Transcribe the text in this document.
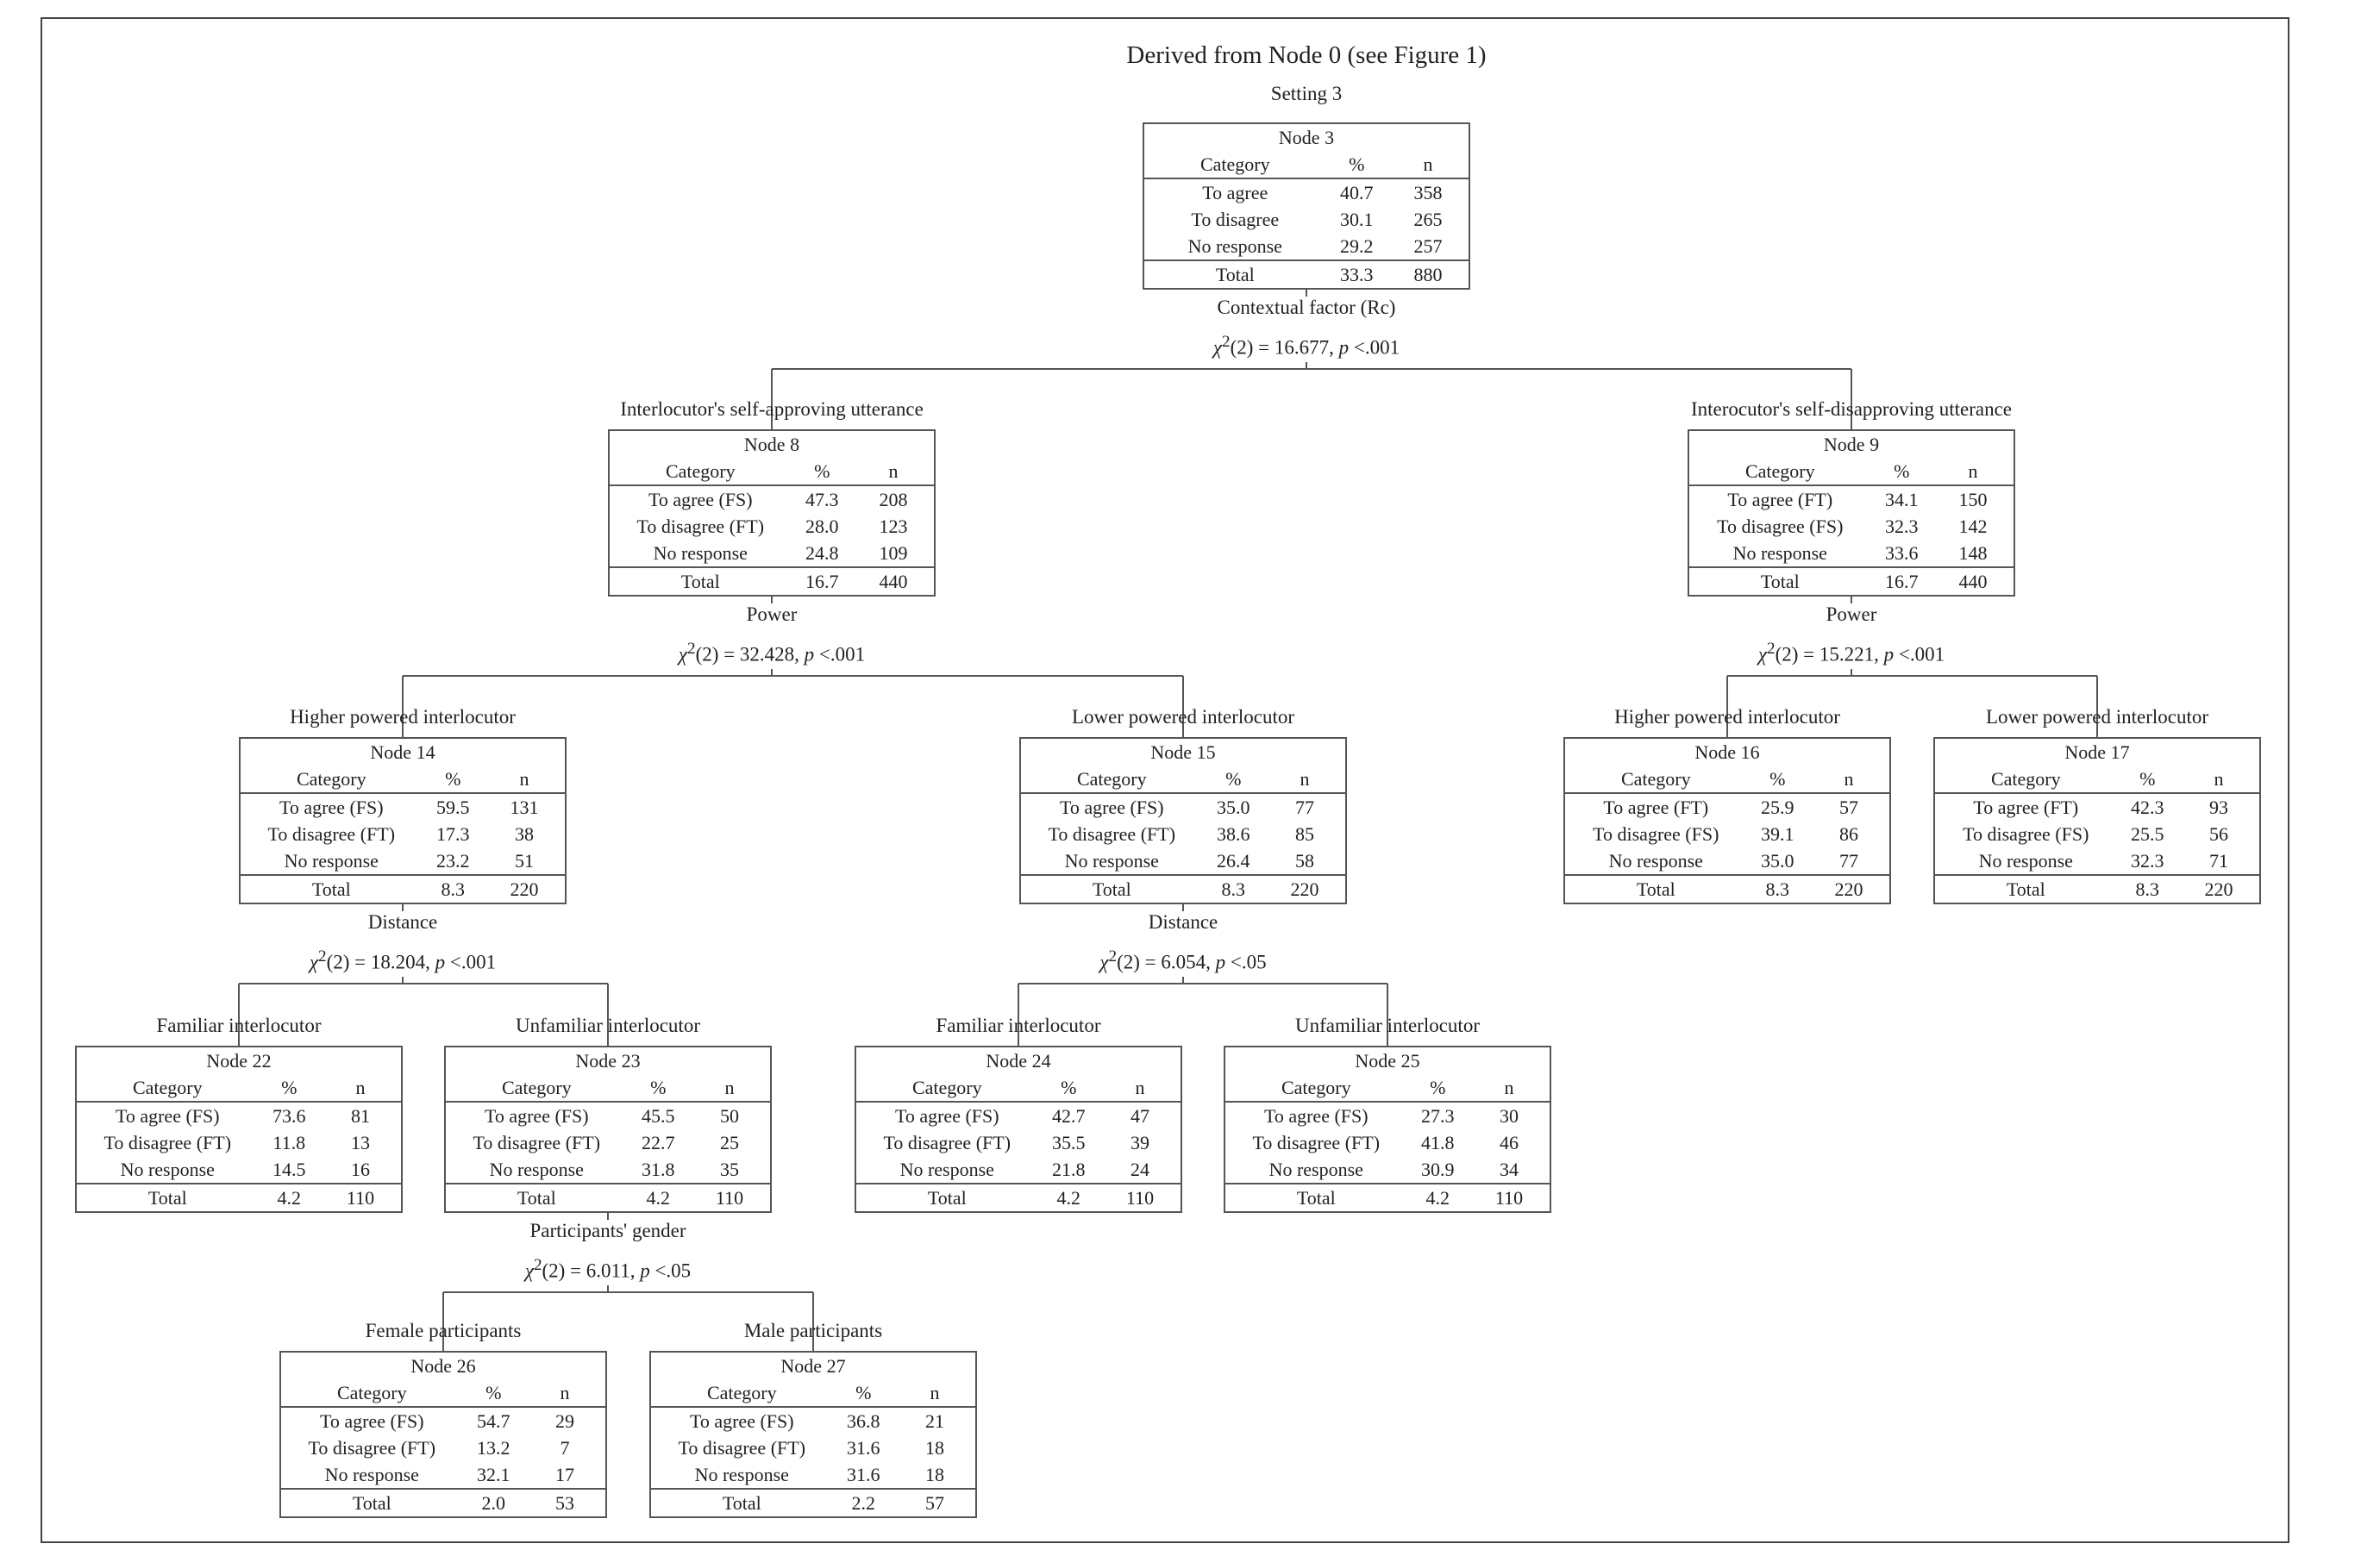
Derived from Node 0 (see Figure 1)
Setting 3
Node 3
Category	%	n
To agree	40.7	358
To disagree	30.1	265
No response	29.2	257
Total	33.3	880
Interlocutor's self-approving utterance
Node 8
Category	%	n
To agree (FS)	47.3	208
To disagree (FT)	28.0	123
No response	24.8	109
Total	16.7	440
Interocutor's self-disapproving utterance
Node 9
Category	%	n
To agree (FT)	34.1	150
To disagree (FS)	32.3	142
No response	33.6	148
Total	16.7	440
Higher powered interlocutor
Node 14
Category	%	n
To agree (FS)	59.5	131
To disagree (FT)	17.3	38
No response	23.2	51
Total	8.3	220
Lower powered interlocutor
Node 15
Category	%	n
To agree (FS)	35.0	77
To disagree (FT)	38.6	85
No response	26.4	58
Total	8.3	220
Higher powered interlocutor
Node 16
Category	%	n
To agree (FT)	25.9	57
To disagree (FS)	39.1	86
No response	35.0	77
Total	8.3	220
Lower powered interlocutor
Node 17
Category	%	n
To agree (FT)	42.3	93
To disagree (FS)	25.5	56
No response	32.3	71
Total	8.3	220
Familiar interlocutor
Node 22
Category	%	n
To agree (FS)	73.6	81
To disagree (FT)	11.8	13
No response	14.5	16
Total	4.2	110
Unfamiliar interlocutor
Node 23
Category	%	n
To agree (FS)	45.5	50
To disagree (FT)	22.7	25
No response	31.8	35
Total	4.2	110
Familiar interlocutor
Node 24
Category	%	n
To agree (FS)	42.7	47
To disagree (FT)	35.5	39
No response	21.8	24
Total	4.2	110
Unfamiliar interlocutor
Node 25
Category	%	n
To agree (FS)	27.3	30
To disagree (FT)	41.8	46
No response	30.9	34
Total	4.2	110
Female participants
Node 26
Category	%	n
To agree (FS)	54.7	29
To disagree (FT)	13.2	7
No response	32.1	17
Total	2.0	53
Male participants
Node 27
Category	%	n
To agree (FS)	36.8	21
To disagree (FT)	31.6	18
No response	31.6	18
Total	2.2	57
Contextual factor (Rc)
$\chi^2(2) = 16.677$, p <.001
Power
$\chi^2(2) = 32.428$, p <.001
Power
$\chi^2(2) = 15.221$, p <.001
Distance
$\chi^2(2) = 18.204$, p <.001
Distance
$\chi^2(2) = 6.054$, p <.05
Participants' gender
$\chi^2(2) = 6.011$, p <.05
